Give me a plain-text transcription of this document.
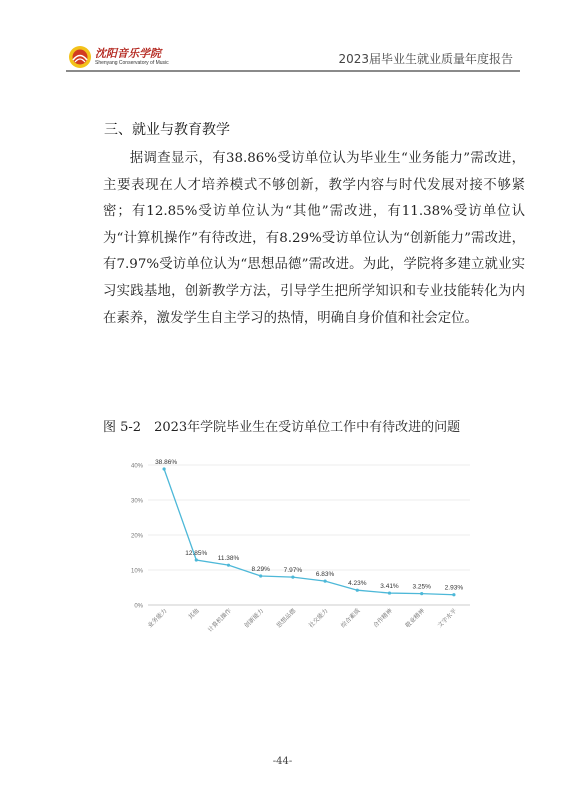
沈阳音乐学院
Shenyang Conservatory of Music	2023届毕业生就业质量年度报告
三、就业与教育教学

据调查显示，有38.86%受访单位认为毕业生“业务能力”需改进，主要表现在人才培养模式不够创新，教学内容与时代发展对接不够紧密；有12.85%受访单位认为“其他”需改进，有11.38%受访单位认为“计算机操作”有待改进，有8.29%受访单位认为“创新能力”需改进，有7.97%受访单位认为“思想品德”需改进。为此，学院将多建立就业实习实践基地，创新教学方法，引导学生把所学知识和专业技能转化为内在素养，激发学生自主学习的热情，明确自身价值和社会定位。

图 5-2　2023年学院毕业生在受访单位工作中有待改进的问题
0%
10%
20%
30%
40%
38.86%
12.85%
11.38%
8.29% 7.97%
6.83%
4.23% 3.41% 3.25% 2.93%
业务能力	其他 计算机操作 创新能力 思想品德 社交能力 综合素质 合作精神 敬业精神 文字水平
-44-
